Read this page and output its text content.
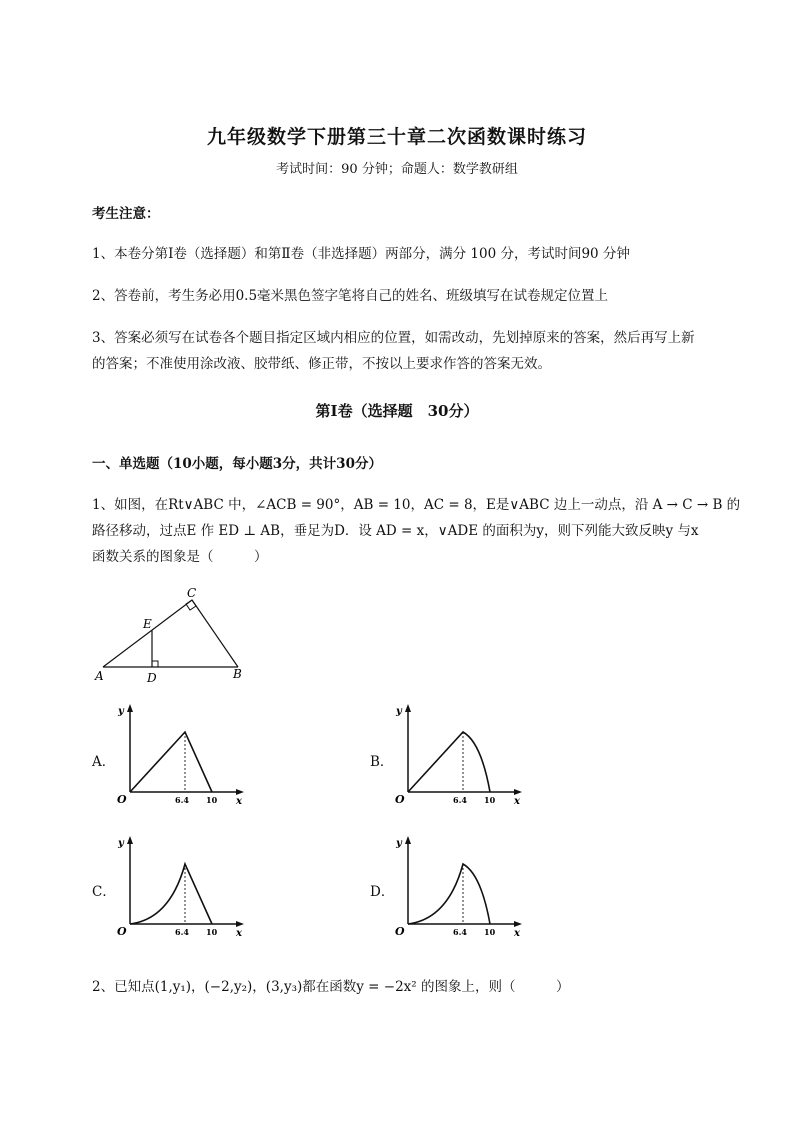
九年级数学下册第三十章二次函数课时练习
考试时间：90 分钟；命题人：数学教研组
考生注意：
1、本卷分第Ⅰ卷（选择题）和第Ⅱ卷（非选择题）两部分，满分 100 分，考试时间90 分钟
2、答卷前，考生务必用0.5毫米黑色签字笔将自己的姓名、班级填写在试卷规定位置上
3、答案必须写在试卷各个题目指定区域内相应的位置，如需改动，先划掉原来的答案，然后再写上新
的答案；不准使用涂改液、胶带纸、修正带，不按以上要求作答的答案无效。
第Ⅰ卷（选择题　30分）
一、单选题（10小题，每小题3分，共计30分）
1、如图，在Rt∨ABC 中，∠ACB = 90°，AB = 10，AC = 8，E是∨ABC 边上一动点，沿 A → C → B 的
路径移动，过点E 作 ED ⊥ AB，垂足为D．设 AD = x，∨ADE 的面积为y，则下列能大致反映y 与x
函数关系的图象是（　　　）
A	B
C
D
E
A．	B．
C．	D．
y
x
O	6.4 10
y
x
O	6.4 10
y
x
O	6.4 10
y
x
O	6.4 10
2、已知点(1,y₁)，(−2,y₂)，(3,y₃)都在函数y = −2x² 的图象上，则（　　　）
